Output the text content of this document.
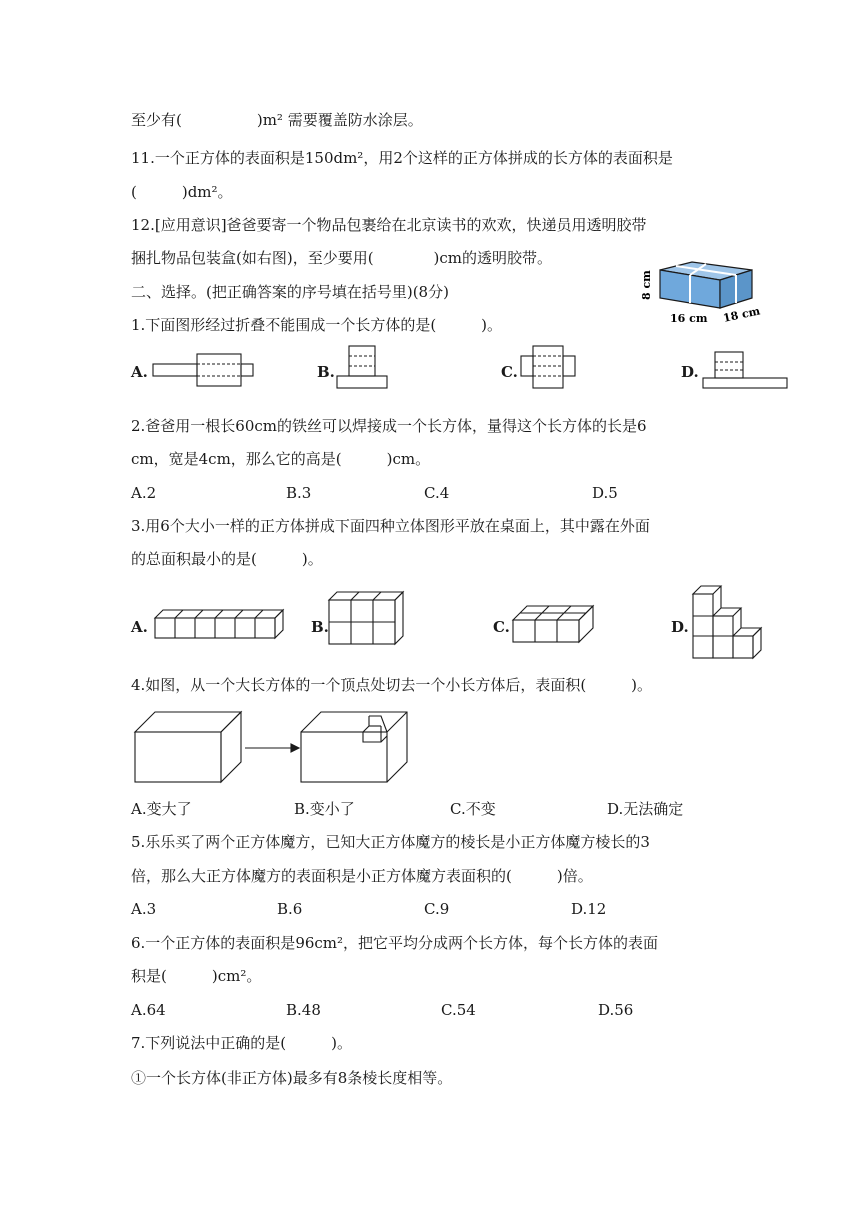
至少有(　　　　　)m² 需要覆盖防水涂层。
11.一个正方体的表面积是150dm²，用2个这样的正方体拼成的长方体的表面积是
(　　　)dm²。
12.[应用意识]爸爸要寄一个物品包裹给在北京读书的欢欢，快递员用透明胶带
捆扎物品包装盒(如右图)，至少要用(　　　　)cm的透明胶带。
二、选择。(把正确答案的序号填在括号里)(8分)
1.下面图形经过折叠不能围成一个长方体的是(　　　)。
8 cm
16 cm 18 cm
A.	B.	C.	D.
2.爸爸用一根长60cm的铁丝可以焊接成一个长方体，量得这个长方体的长是6
cm，宽是4cm，那么它的高是(　　　)cm。
A.2	B.3	C.4	D.5
3.用6个大小一样的正方体拼成下面四种立体图形平放在桌面上，其中露在外面
的总面积最小的是(　　　)。
A.	B.	C.	D.
4.如图，从一个大长方体的一个顶点处切去一个小长方体后，表面积(　　　)。
A.变大了	B.变小了	C.不变	D.无法确定
5.乐乐买了两个正方体魔方，已知大正方体魔方的棱长是小正方体魔方棱长的3
倍，那么大正方体魔方的表面积是小正方体魔方表面积的(　　　)倍。
A.3	B.6	C.9	D.12
6.一个正方体的表面积是96cm²，把它平均分成两个长方体，每个长方体的表面
积是(　　　)cm²。
A.64	B.48	C.54	D.56
7.下列说法中正确的是(　　　)。
①一个长方体(非正方体)最多有8条棱长度相等。
